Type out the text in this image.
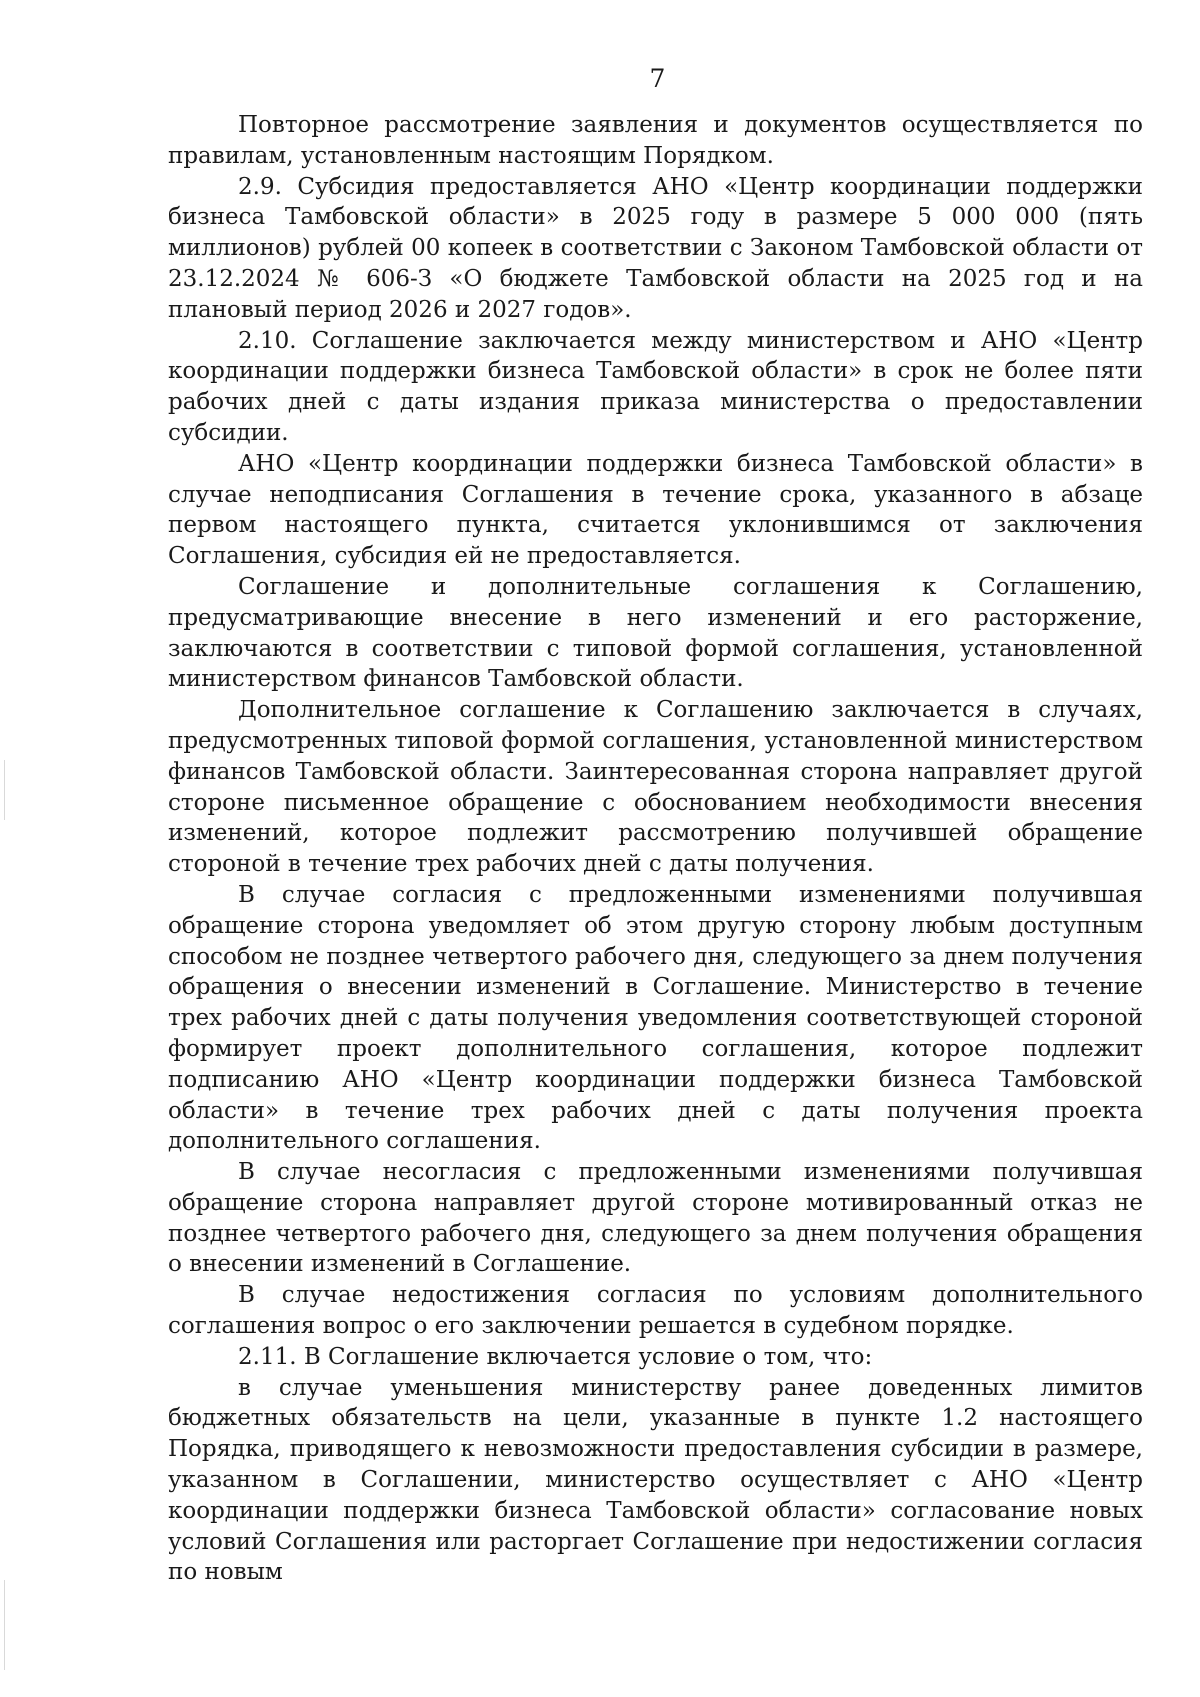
7

Повторное рассмотрение заявления и документов осуществляется по правилам, установленным настоящим Порядком.

2.9. Субсидия предоставляется АНО «Центр координации поддержки бизнеса Тамбовской области» в 2025 году в размере 5 000 000 (пять миллионов) рублей 00 копеек в соответствии с Законом Тамбовской области от 23.12.2024 № 606-З «О бюджете Тамбовской области на 2025 год и на плановый период 2026 и 2027 годов».

2.10. Соглашение заключается между министерством и АНО «Центр координации поддержки бизнеса Тамбовской области» в срок не более пяти рабочих дней с даты издания приказа министерства о предоставлении субсидии.

АНО «Центр координации поддержки бизнеса Тамбовской области» в случае неподписания Соглашения в течение срока, указанного в абзаце первом настоящего пункта, считается уклонившимся от заключения Соглашения, субсидия ей не предоставляется.

Соглашение и дополнительные соглашения к Соглашению, предусматривающие внесение в него изменений и его расторжение, заключаются в соответствии с типовой формой соглашения, установленной министерством финансов Тамбовской области.

Дополнительное соглашение к Соглашению заключается в случаях, предусмотренных типовой формой соглашения, установленной министерством финансов Тамбовской области. Заинтересованная сторона направляет другой стороне письменное обращение с обоснованием необходимости внесения изменений, которое подлежит рассмотрению получившей обращение стороной в течение трех рабочих дней с даты получения.

В случае согласия с предложенными изменениями получившая обращение сторона уведомляет об этом другую сторону любым доступным способом не позднее четвертого рабочего дня, следующего за днем получения обращения о внесении изменений в Соглашение. Министерство в течение трех рабочих дней с даты получения уведомления соответствующей стороной формирует проект дополнительного соглашения, которое подлежит подписанию АНО «Центр координации поддержки бизнеса Тамбовской области» в течение трех рабочих дней с даты получения проекта дополнительного соглашения.

В случае несогласия с предложенными изменениями получившая обращение сторона направляет другой стороне мотивированный отказ не позднее четвертого рабочего дня, следующего за днем получения обращения о внесении изменений в Соглашение.

В случае недостижения согласия по условиям дополнительного соглашения вопрос о его заключении решается в судебном порядке.

2.11. В Соглашение включается условие о том, что:

в случае уменьшения министерству ранее доведенных лимитов бюджетных обязательств на цели, указанные в пункте 1.2 настоящего Порядка, приводящего к невозможности предоставления субсидии в размере, указанном в Соглашении, министерство осуществляет с АНО «Центр координации поддержки бизнеса Тамбовской области» согласование новых условий Соглашения или расторгает Соглашение при недостижении согласия по новым
